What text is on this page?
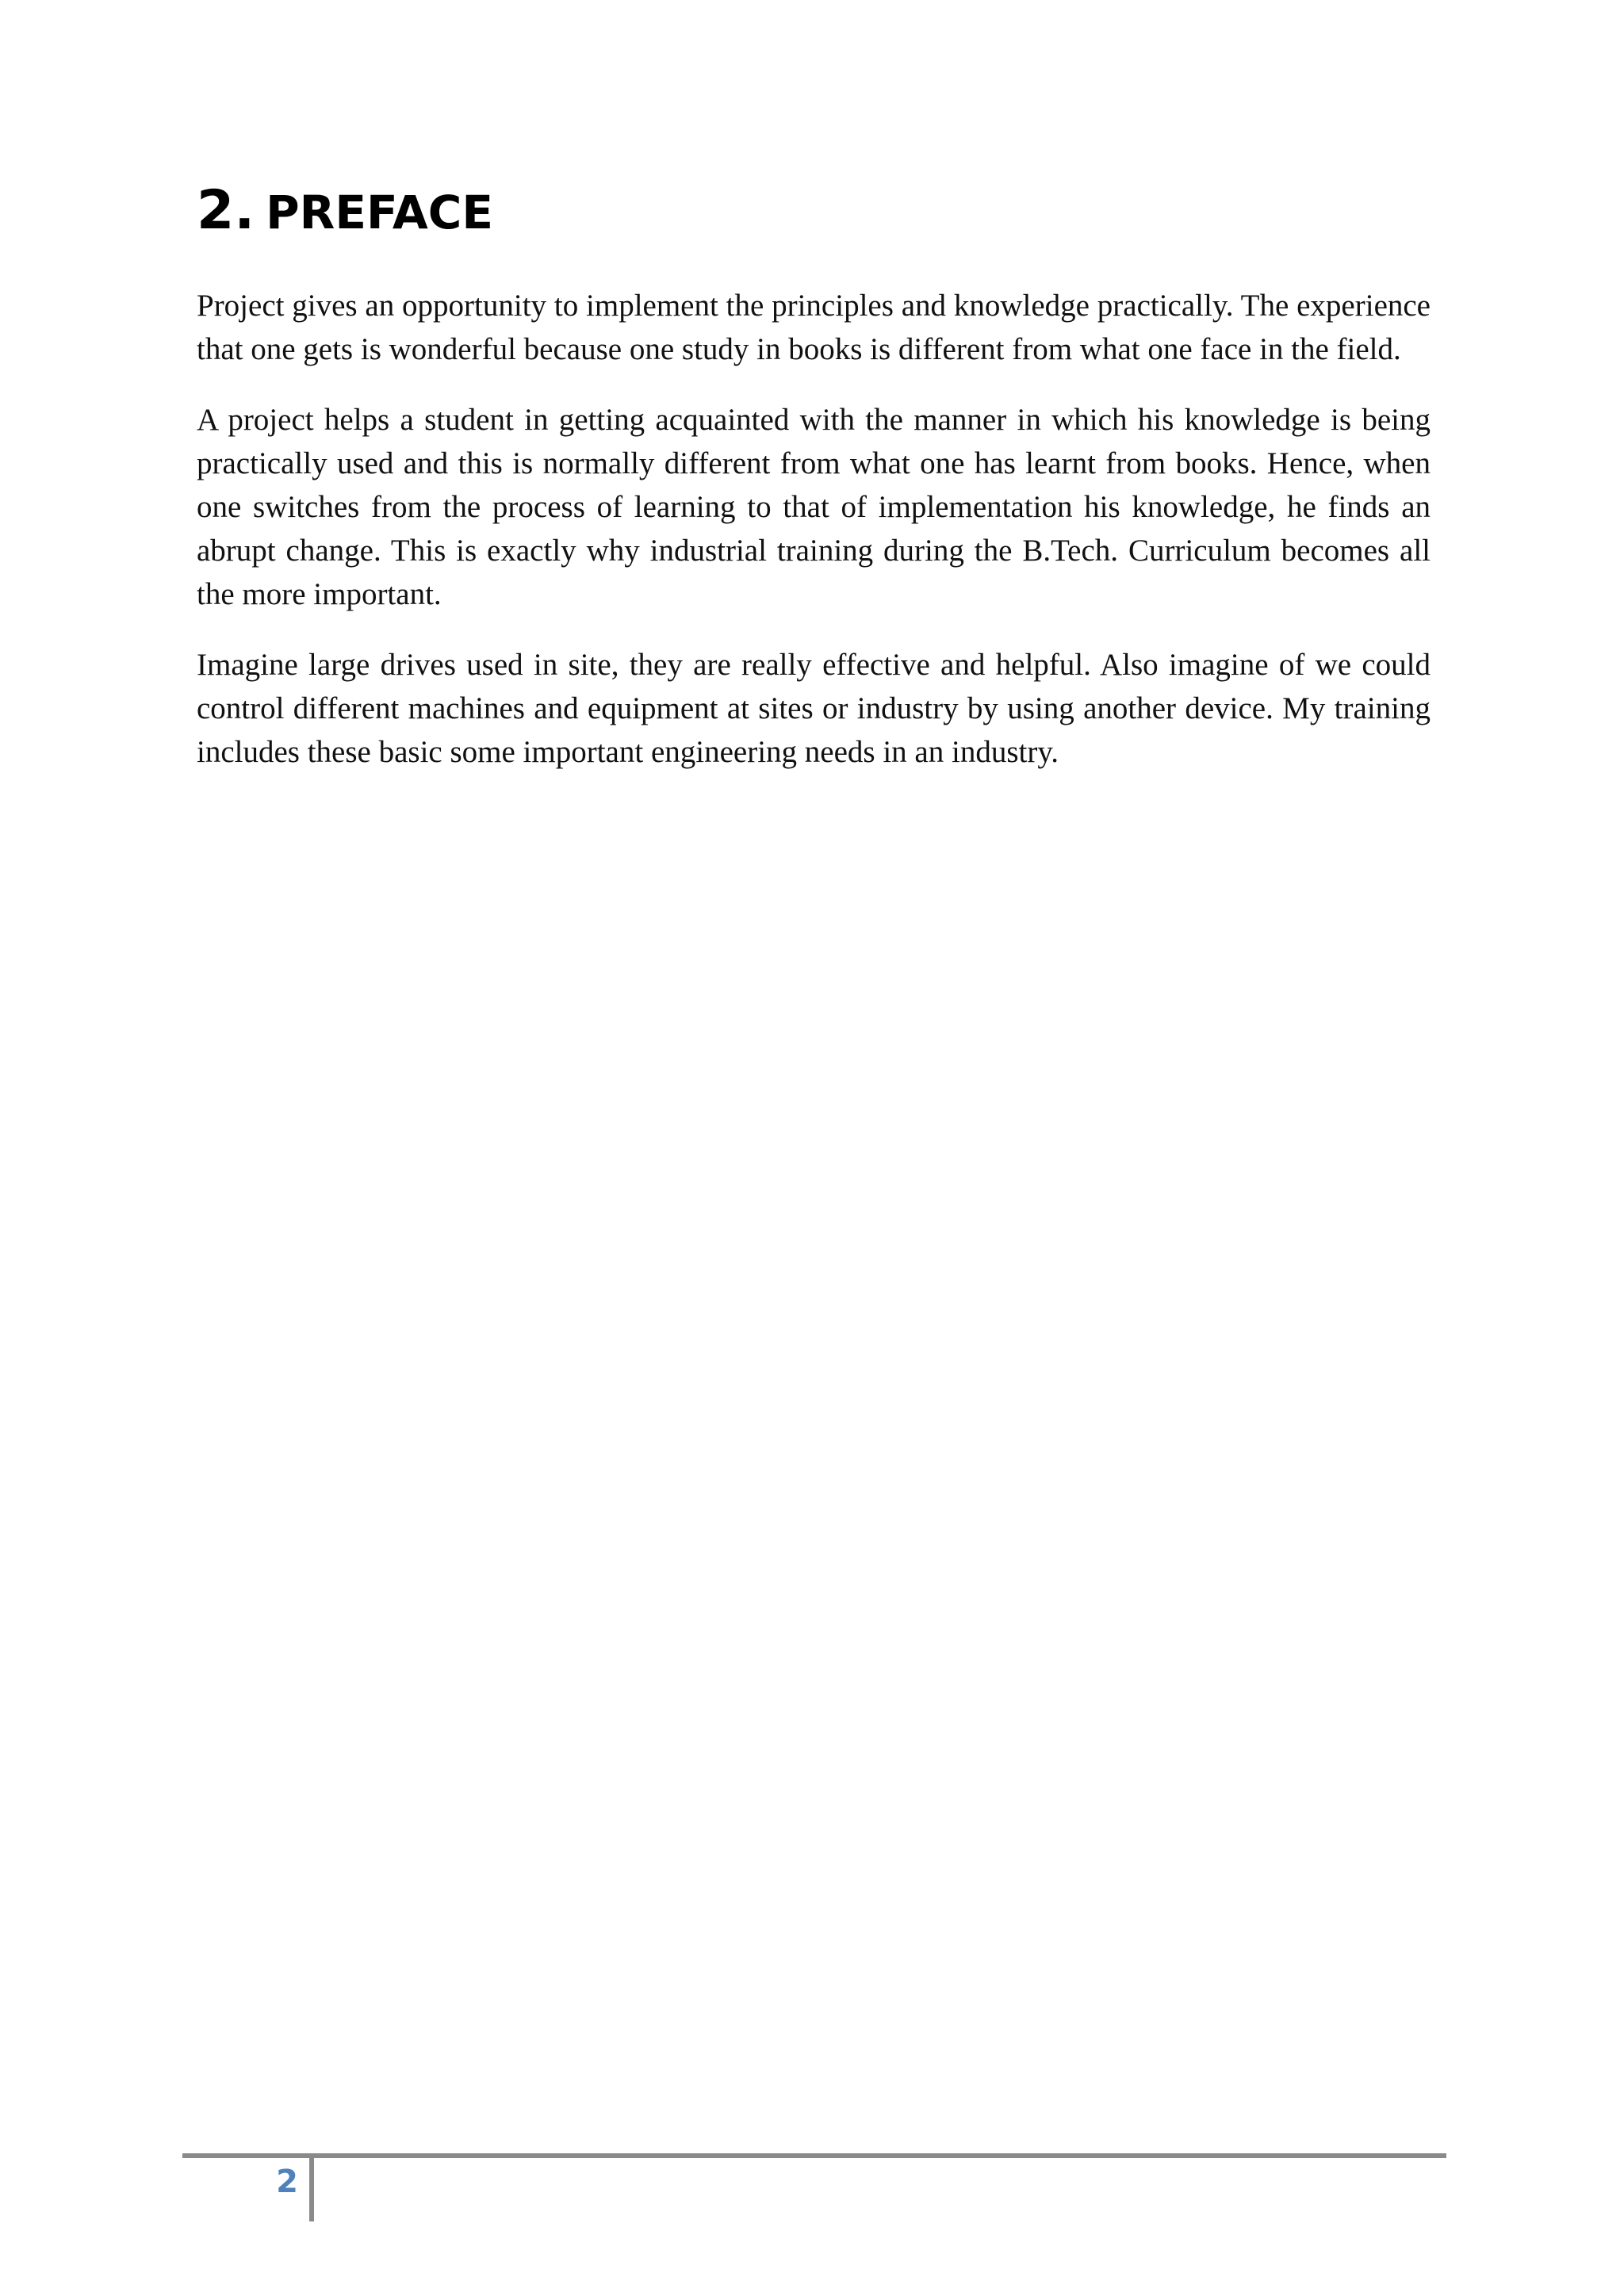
2. PREFACE

Project gives an opportunity to implement the principles and knowledge practically. The experience that one gets is wonderful because one study in books is different from what one face in the field.

A project helps a student in getting acquainted with the manner in which his knowledge is being practically used and this is normally different from what one has learnt from books. Hence, when one switches from the process of learning to that of implementation his knowledge, he finds an abrupt change. This is exactly why industrial training during the B.Tech. Curriculum becomes all the more important.

Imagine large drives used in site, they are really effective and helpful. Also imagine of we could control different machines and equipment at sites or industry by using another device. My training includes these basic some important engineering needs in an industry.

2
